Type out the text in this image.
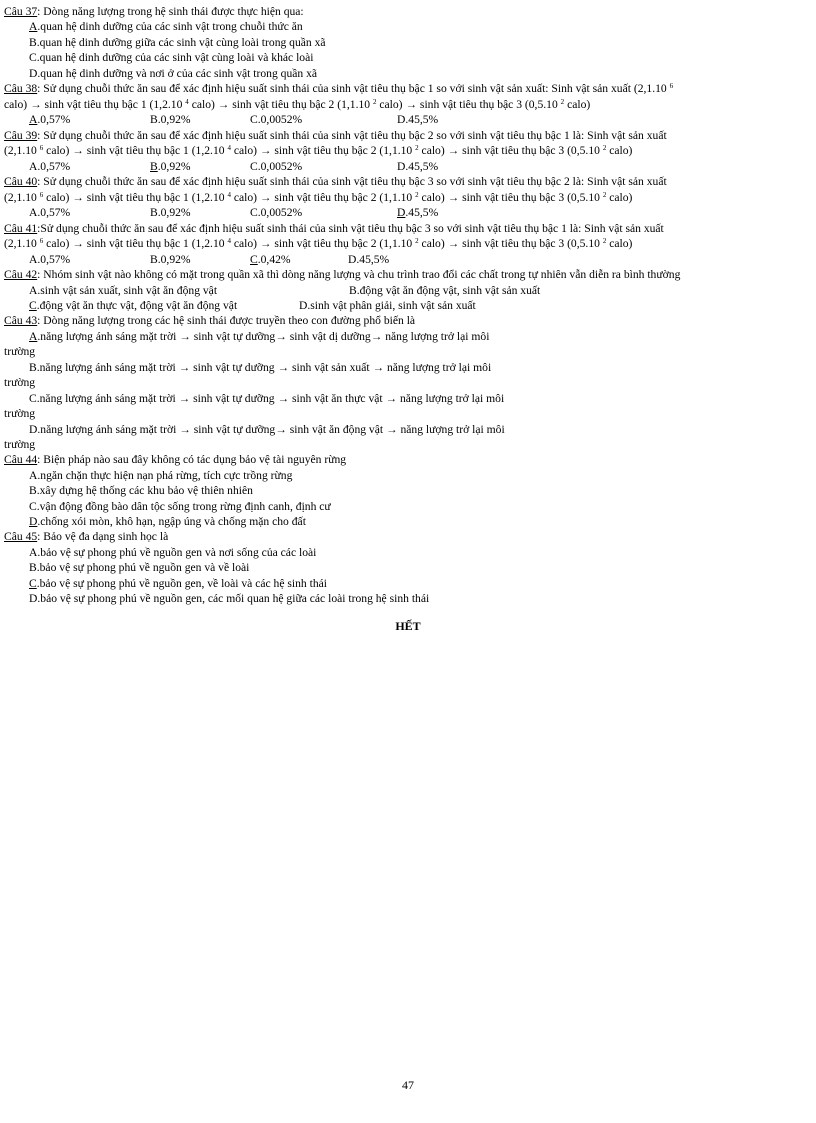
Câu 37: Dòng năng lượng trong hệ sinh thái được thực hiện qua:
A.quan hệ dinh dưỡng của các sinh vật trong chuỗi thức ăn
B.quan hệ dinh dưỡng giữa các sinh vật cùng loài trong quần xã
C.quan hệ dinh dưỡng của các sinh vật cùng loài và khác loài
D.quan hệ dinh dưỡng và nơi ở của các sinh vật trong quần xã
Câu 38: Sử dụng chuỗi thức ăn sau để xác định hiệu suất sinh thái của sinh vật tiêu thụ bậc 1 so với sinh vật sản xuất: Sinh vật sản xuất (2,1.10 $^6$
calo) → sinh vật tiêu thụ bậc 1 (1,2.10 $^4$ calo) → sinh vật tiêu thụ bậc 2 (1,1.10 $^2$ calo) → sinh vật tiêu thụ bậc 3 (0,5.10 $^2$ calo)
A.0,57%	B.0,92%	C.0,0052%	D.45,5%
Câu 39: Sử dụng chuỗi thức ăn sau để xác định hiệu suất sinh thái của sinh vật tiêu thụ bậc 2 so với sinh vật tiêu thụ bậc 1 là: Sinh vật sản xuất
(2,1.10 $^6$ calo) → sinh vật tiêu thụ bậc 1 (1,2.10 $^4$ calo) → sinh vật tiêu thụ bậc 2 (1,1.10 $^2$ calo) → sinh vật tiêu thụ bậc 3 (0,5.10 $^2$ calo)
A.0,57%	B.0,92%	C.0,0052%	D.45,5%
Câu 40: Sử dụng chuỗi thức ăn sau để xác định hiệu suất sinh thái của sinh vật tiêu thụ bậc 3 so với sinh vật tiêu thụ bậc 2 là: Sinh vật sản xuất
(2,1.10 $^6$ calo) → sinh vật tiêu thụ bậc 1 (1,2.10 $^4$ calo) → sinh vật tiêu thụ bậc 2 (1,1.10 $^2$ calo) → sinh vật tiêu thụ bậc 3 (0,5.10 $^2$ calo)
A.0,57%	B.0,92%	C.0,0052%	D.45,5%
Câu 41:Sử dụng chuỗi thức ăn sau để xác định hiệu suất sinh thái của sinh vật tiêu thụ bậc 3 so với sinh vật tiêu thụ bậc 1 là: Sinh vật sản xuất
(2,1.10 $^6$ calo) → sinh vật tiêu thụ bậc 1 (1,2.10 $^4$ calo) → sinh vật tiêu thụ bậc 2 (1,1.10 $^2$ calo) → sinh vật tiêu thụ bậc 3 (0,5.10 $^2$ calo)
A.0,57%	B.0,92%	C.0,42%	D.45,5%
Câu 42: Nhóm sinh vật nào không có mặt trong quần xã thì dòng năng lượng và chu trình trao đổi các chất trong tự nhiên vẫn diễn ra bình thường
A.sinh vật sản xuất, sinh vật ăn động vật	B.động vật ăn động vật, sinh vật sản xuất
C.động vật ăn thực vật, động vật ăn động vật	D.sinh vật phân giải, sinh vật sản xuất
Câu 43: Dòng năng lượng trong các hệ sinh thái được truyền theo con đường phổ biến là
A.năng lượng ánh sáng mặt trời → sinh vật tự dưỡng→ sinh vật dị dưỡng→ năng lượng trở lại môi
trường
B.năng lượng ánh sáng mặt trời → sinh vật tự dưỡng → sinh vật sản xuất → năng lượng trở lại môi
trường
C.năng lượng ánh sáng mặt trời → sinh vật tự dưỡng → sinh vật ăn thực vật → năng lượng trở lại môi
trường
D.năng lượng ánh sáng mặt trời → sinh vật tự dưỡng→ sinh vật ăn động vật → năng lượng trở lại môi
trường
Câu 44: Biện pháp nào sau đây không có tác dụng bảo vệ tài nguyên rừng
A.ngăn chặn thực hiện nạn phá rừng, tích cực trồng rừng
B.xây dựng hệ thống các khu bảo vệ thiên nhiên
C.vận động đồng bào dân tộc sống trong rừng định canh, định cư
D.chống xói mòn, khô hạn, ngập úng và chống mặn cho đất
Câu 45: Bảo vệ đa dạng sinh học là
A.bảo vệ sự phong phú về nguồn gen và nơi sống của các loài
B.bảo vệ sự phong phú về nguồn gen và về loài
C.bảo vệ sự phong phú về nguồn gen, về loài và các hệ sinh thái
D.bảo vệ sự phong phú về nguồn gen, các mối quan hệ giữa các loài trong hệ sinh thái
HẾT
47
